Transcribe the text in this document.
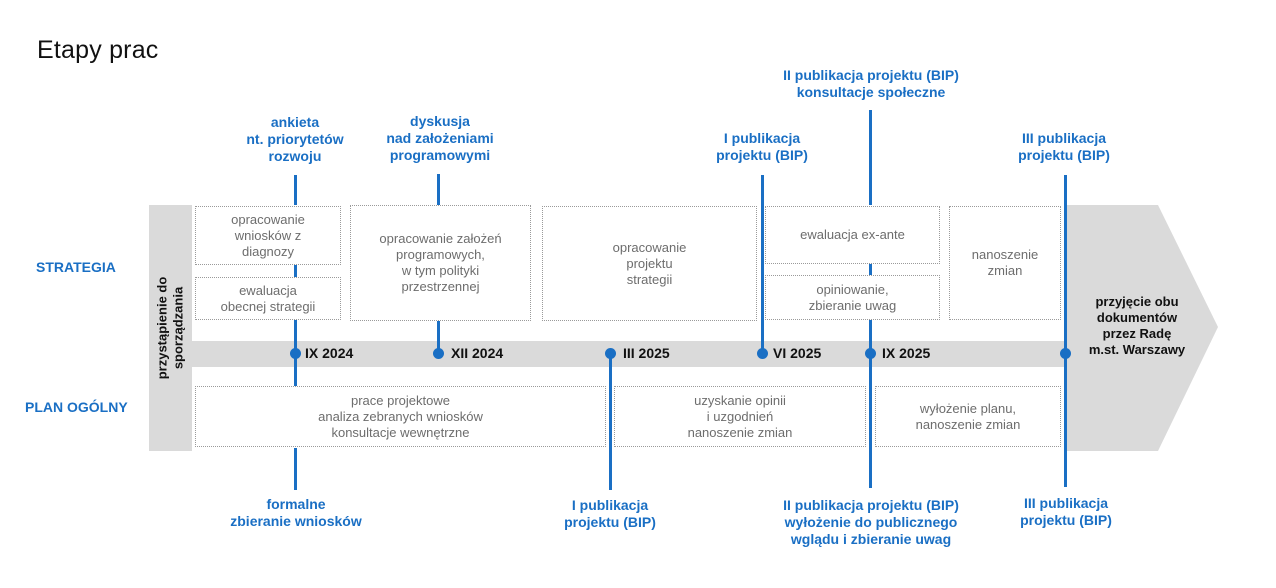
Etapy prac
STRATEGIA
PLAN OGÓLNY
przystąpienie do
sporządzania
opracowanie
wniosków z
diagnozy
ewaluacja
obecnej strategii
opracowanie założeń
programowych,
w tym polityki
przestrzennej
opracowanie
projektu
strategii
ewaluacja ex-ante
opiniowanie,
zbieranie uwag
nanoszenie
zmian
prace projektowe
analiza zebranych wniosków
konsultacje wewnętrzne
uzyskanie opinii
i uzgodnień
nanoszenie zmian
wyłożenie planu,
nanoszenie zmian
IX 2024	XII 2024	III 2025	VI 2025	IX 2025
przyjęcie obu
dokumentów
przez Radę
m.st. Warszawy
ankieta
nt. priorytetów
rozwoju
dyskusja
nad założeniami
programowymi
I publikacja
projektu (BIP)
II publikacja projektu (BIP)
konsultacje społeczne
III publikacja
projektu (BIP)
formalne
zbieranie wniosków
I publikacja
projektu (BIP)
II publikacja projektu (BIP)
wyłożenie do publicznego
wglądu i zbieranie uwag
III publikacja
projektu (BIP)
